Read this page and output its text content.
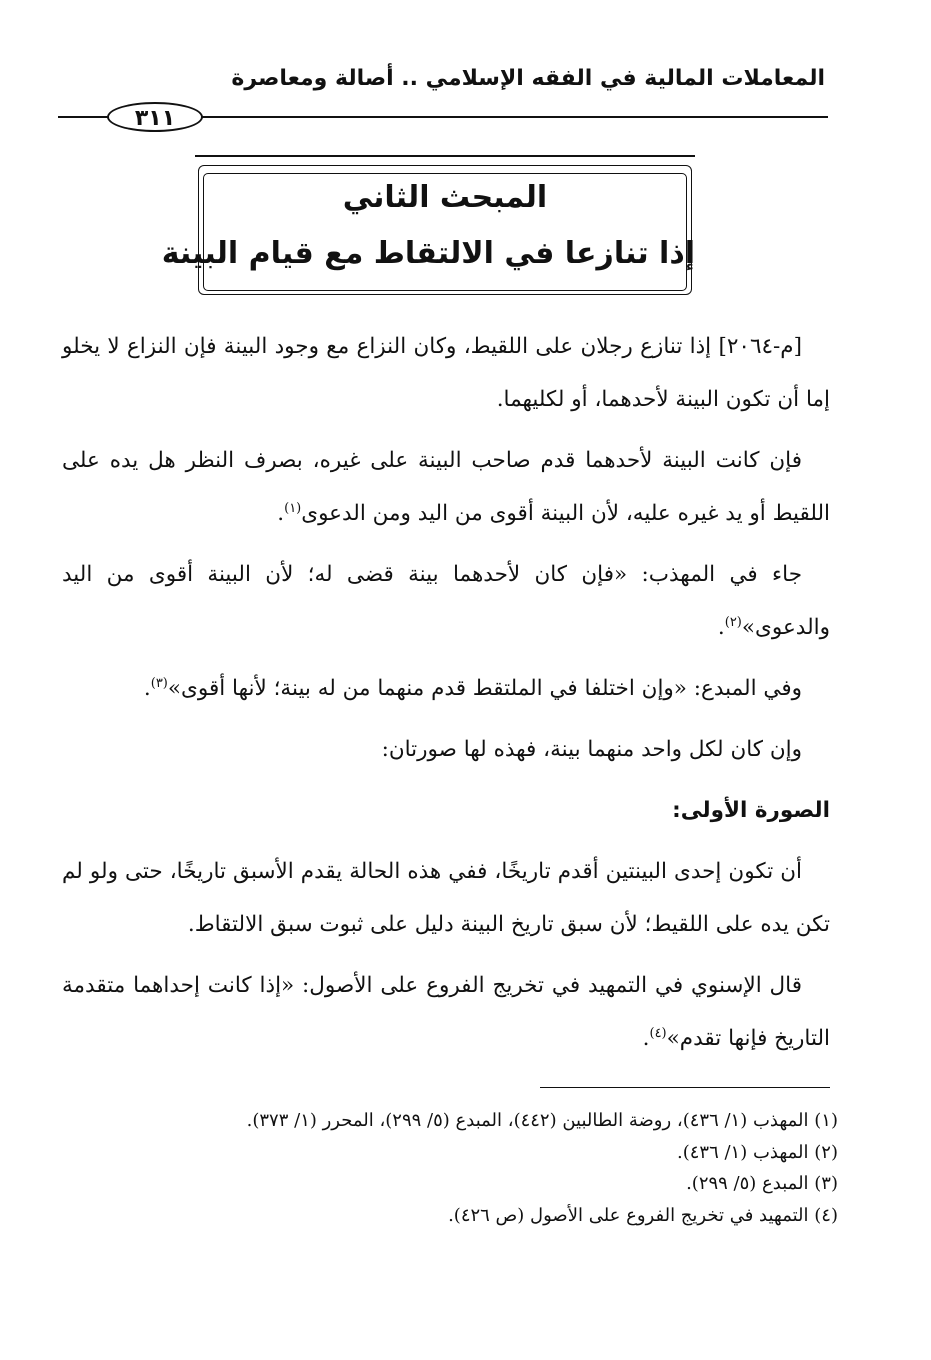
المعاملات المالية في الفقه الإسلامي .. أصالة ومعاصرة
٣١١
المبحث الثاني
إذا تنازعا في الالتقاط مع قيام البينة

[م-٢٠٦٤] إذا تنازع رجلان على اللقيط، وكان النزاع مع وجود البينة فإن النزاع لا يخلو إما أن تكون البينة لأحدهما، أو لكليهما.

فإن كانت البينة لأحدهما قدم صاحب البينة على غيره، بصرف النظر هل يده على اللقيط أو يد غيره عليه، لأن البينة أقوى من اليد ومن الدعوى$^{(١)}$.

جاء في المهذب: «فإن كان لأحدهما بينة قضى له؛ لأن البينة أقوى من اليد والدعوى»$^{(٢)}$.

وفي المبدع: «وإن اختلفا في الملتقط قدم منهما من له بينة؛ لأنها أقوى»$^{(٣)}$.

وإن كان لكل واحد منهما بينة، فهذه لها صورتان:

الصورة الأولى:

أن تكون إحدى البينتين أقدم تاريخًا، ففي هذه الحالة يقدم الأسبق تاريخًا، حتى ولو لم تكن يده على اللقيط؛ لأن سبق تاريخ البينة دليل على ثبوت سبق الالتقاط.

قال الإسنوي في التمهيد في تخريج الفروع على الأصول: «إذا كانت إحداهما متقدمة التاريخ فإنها تقدم»$^{(٤)}$.

(١) المهذب (١/ ٤٣٦)، روضة الطالبين (٤٤٢)، المبدع (٥/ ٢٩٩)، المحرر (١/ ٣٧٣).
(٢) المهذب (١/ ٤٣٦).
(٣) المبدع (٥/ ٢٩٩).
(٤) التمهيد في تخريج الفروع على الأصول (ص ٤٢٦).
